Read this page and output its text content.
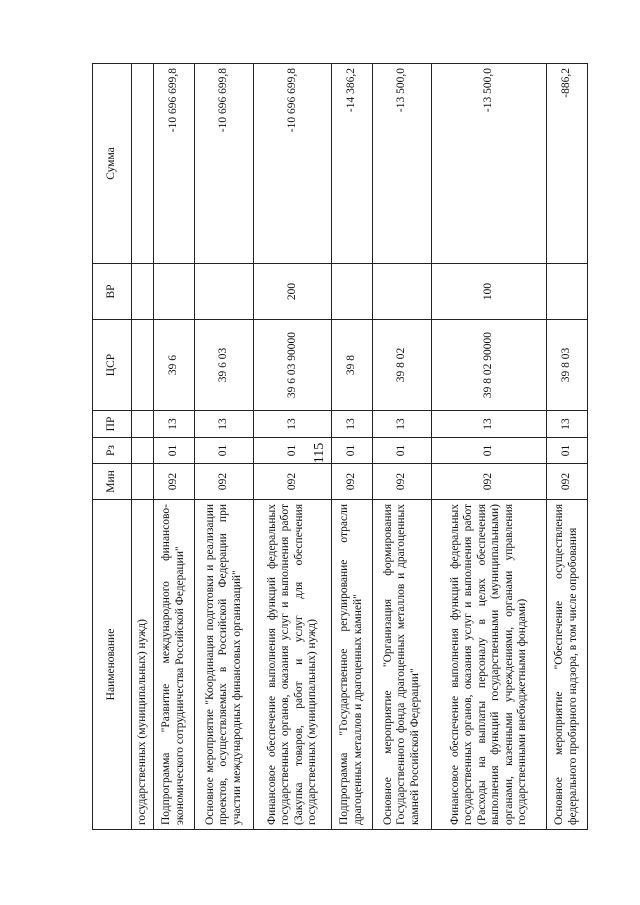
115
Наименование	Мин	Рз	ПР	ЦСР	ВР	Сумма
государственных (муниципальных) нужд)						
Подпрограмма "Развитие международного финансово-экономического сотрудничества Российской Федерации"	092	01	13	39 6		-10 696 699,8
Основное мероприятие "Координация подготовки и реализации проектов, осуществляемых в Российской Федерации при участии международных финансовых организаций"	092	01	13	39 6 03		-10 696 699,8
Финансовое обеспечение выполнения функций федеральных государственных органов, оказания услуг и выполнения работ (Закупка товаров, работ и услуг для обеспечения государственных (муниципальных) нужд)	092	01	13	39 6 03 90000	200	-10 696 699,8
Подпрограмма "Государственное регулирование отрасли драгоценных металлов и драгоценных камней"	092	01	13	39 8		-14 386,2
Основное мероприятие "Организация формирования Государственного фонда драгоценных металлов и драгоценных камней Российской Федерации"	092	01	13	39 8 02		-13 500,0
Финансовое обеспечение выполнения функций федеральных государственных органов, оказания услуг и выполнения работ (Расходы на выплаты персоналу в целях обеспечения выполнения функций государственными (муниципальными) органами, казенными учреждениями, органами управления государственными внебюджетными фондами)	092	01	13	39 8 02 90000	100	-13 500,0
Основное мероприятие "Обеспечение осуществления федерального пробирного надзора, в том числе опробования	092	01	13	39 8 03		-886,2
